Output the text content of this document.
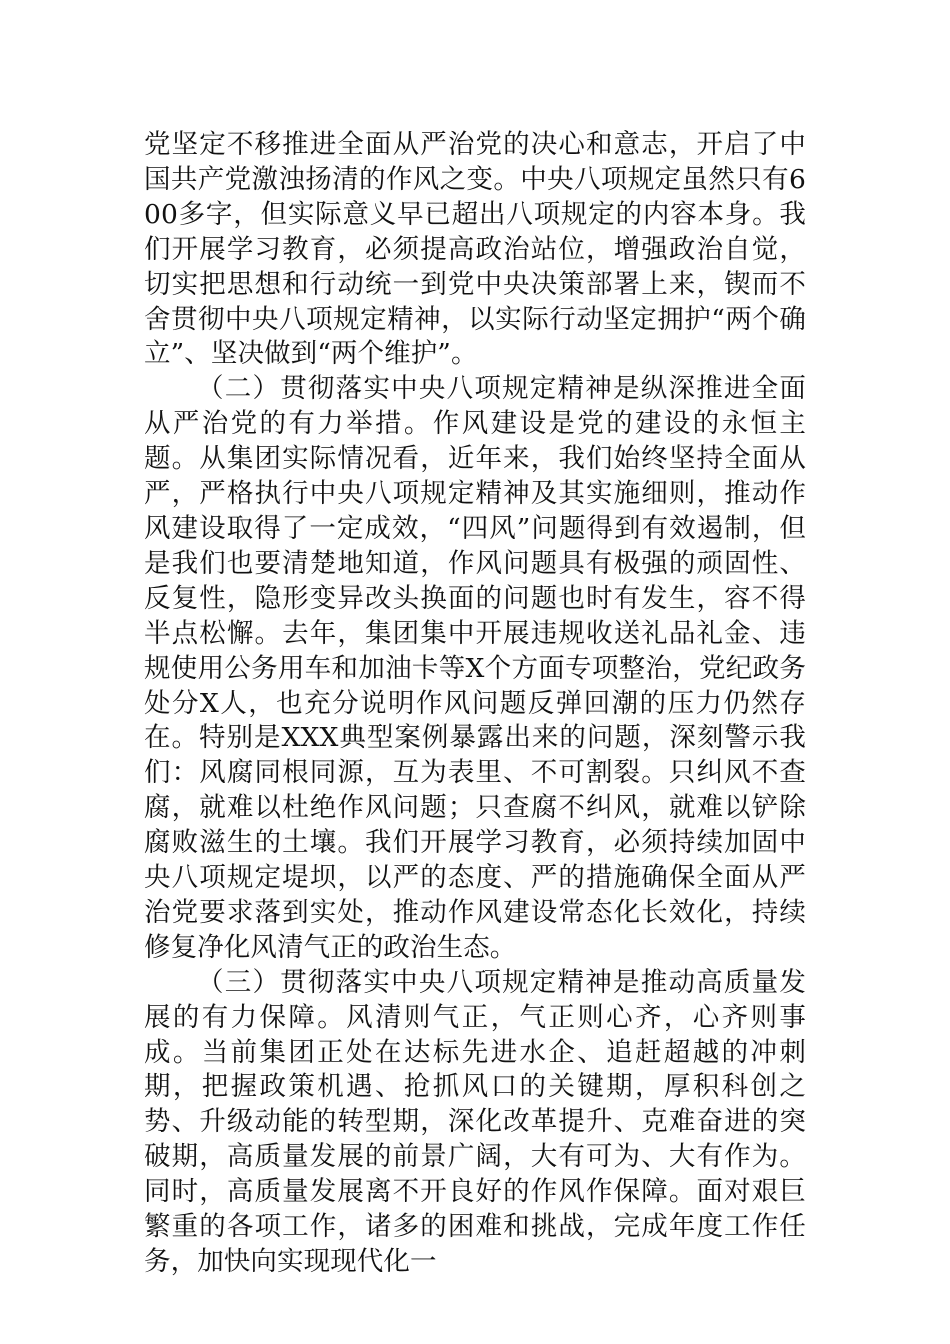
党坚定不移推进全面从严治党的决心和意志，开启了中国共产党激浊扬清的作风之变。中央八项规定虽然只有600多字，但实际意义早已超出八项规定的内容本身。我们开展学习教育，必须提高政治站位，增强政治自觉，切实把思想和行动统一到党中央决策部署上来，锲而不舍贯彻中央八项规定精神，以实际行动坚定拥护“两个确立”、坚决做到“两个维护”。

（二）贯彻落实中央八项规定精神是纵深推进全面从严治党的有力举措。作风建设是党的建设的永恒主题。从集团实际情况看，近年来，我们始终坚持全面从严，严格执行中央八项规定精神及其实施细则，推动作风建设取得了一定成效，“四风”问题得到有效遏制，但是我们也要清楚地知道，作风问题具有极强的顽固性、反复性，隐形变异改头换面的问题也时有发生，容不得半点松懈。去年，集团集中开展违规收送礼品礼金、违规使用公务用车和加油卡等X个方面专项整治，党纪政务处分X人，也充分说明作风问题反弹回潮的压力仍然存在。特别是XXX典型案例暴露出来的问题，深刻警示我们：风腐同根同源，互为表里、不可割裂。只纠风不查腐，就难以杜绝作风问题；只查腐不纠风，就难以铲除腐败滋生的土壤。我们开展学习教育，必须持续加固中央八项规定堤坝，以严的态度、严的措施确保全面从严治党要求落到实处，推动作风建设常态化长效化，持续修复净化风清气正的政治生态。

（三）贯彻落实中央八项规定精神是推动高质量发展的有力保障。风清则气正，气正则心齐，心齐则事成。当前集团正处在达标先进水企、追赶超越的冲刺期，把握政策机遇、抢抓风口的关键期，厚积科创之势、升级动能的转型期，深化改革提升、克难奋进的突破期，高质量发展的前景广阔，大有可为、大有作为。同时，高质量发展离不开良好的作风作保障。面对艰巨繁重的各项工作，诸多的困难和挑战，完成年度工作任务，加快向实现现代化一
